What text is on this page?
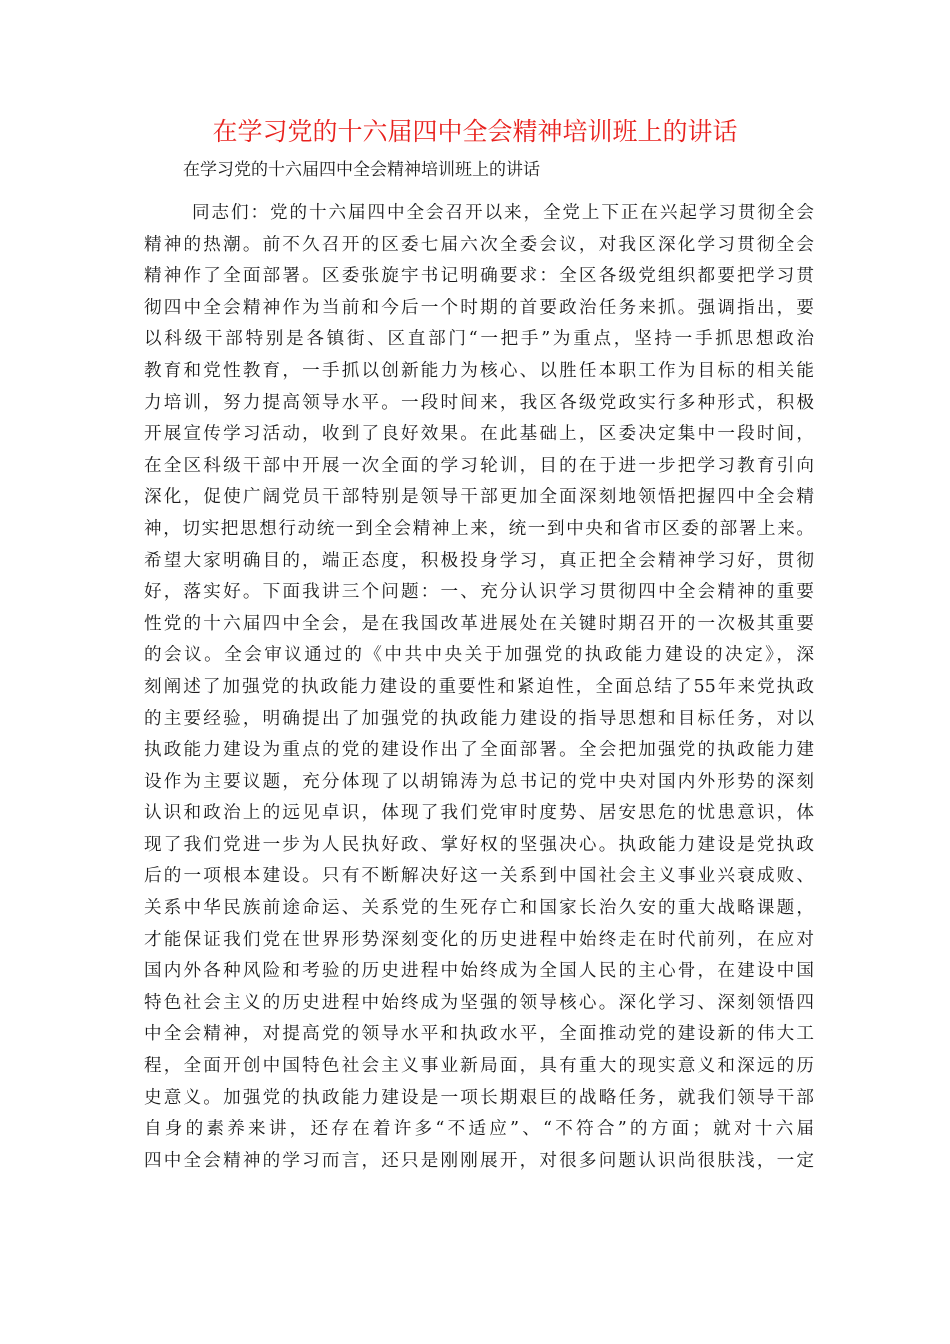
在学习党的十六届四中全会精神培训班上的讲话

在学习党的十六届四中全会精神培训班上的讲话

同志们：党的十六届四中全会召开以来，全党上下正在兴起学习贯彻全会
精神的热潮。前不久召开的区委七届六次全委会议，对我区深化学习贯彻全会
精神作了全面部署。区委张旋宇书记明确要求：全区各级党组织都要把学习贯
彻四中全会精神作为当前和今后一个时期的首要政治任务来抓。强调指出，要
以科级干部特别是各镇街、区直部门“一把手”为重点，坚持一手抓思想政治
教育和党性教育，一手抓以创新能力为核心、以胜任本职工作为目标的相关能
力培训，努力提高领导水平。一段时间来，我区各级党政实行多种形式，积极
开展宣传学习活动，收到了良好效果。在此基础上，区委决定集中一段时间，
在全区科级干部中开展一次全面的学习轮训，目的在于进一步把学习教育引向
深化，促使广阔党员干部特别是领导干部更加全面深刻地领悟把握四中全会精
神，切实把思想行动统一到全会精神上来，统一到中央和省市区委的部署上来。
希望大家明确目的，端正态度，积极投身学习，真正把全会精神学习好，贯彻
好，落实好。下面我讲三个问题：一、充分认识学习贯彻四中全会精神的重要
性党的十六届四中全会，是在我国改革进展处在关键时期召开的一次极其重要
的会议。全会审议通过的《中共中央关于加强党的执政能力建设的决定》，深
刻阐述了加强党的执政能力建设的重要性和紧迫性，全面总结了55年来党执政
的主要经验，明确提出了加强党的执政能力建设的指导思想和目标任务，对以
执政能力建设为重点的党的建设作出了全面部署。全会把加强党的执政能力建
设作为主要议题，充分体现了以胡锦涛为总书记的党中央对国内外形势的深刻
认识和政治上的远见卓识，体现了我们党审时度势、居安思危的忧患意识，体
现了我们党进一步为人民执好政、掌好权的坚强决心。执政能力建设是党执政
后的一项根本建设。只有不断解决好这一关系到中国社会主义事业兴衰成败、
关系中华民族前途命运、关系党的生死存亡和国家长治久安的重大战略课题，
才能保证我们党在世界形势深刻变化的历史进程中始终走在时代前列，在应对
国内外各种风险和考验的历史进程中始终成为全国人民的主心骨，在建设中国
特色社会主义的历史进程中始终成为坚强的领导核心。深化学习、深刻领悟四
中全会精神，对提高党的领导水平和执政水平，全面推动党的建设新的伟大工
程，全面开创中国特色社会主义事业新局面，具有重大的现实意义和深远的历
史意义。加强党的执政能力建设是一项长期艰巨的战略任务，就我们领导干部
自身的素养来讲，还存在着许多“不适应”、“不符合”的方面；就对十六届
四中全会精神的学习而言，还只是刚刚展开，对很多问题认识尚很肤浅，一定
